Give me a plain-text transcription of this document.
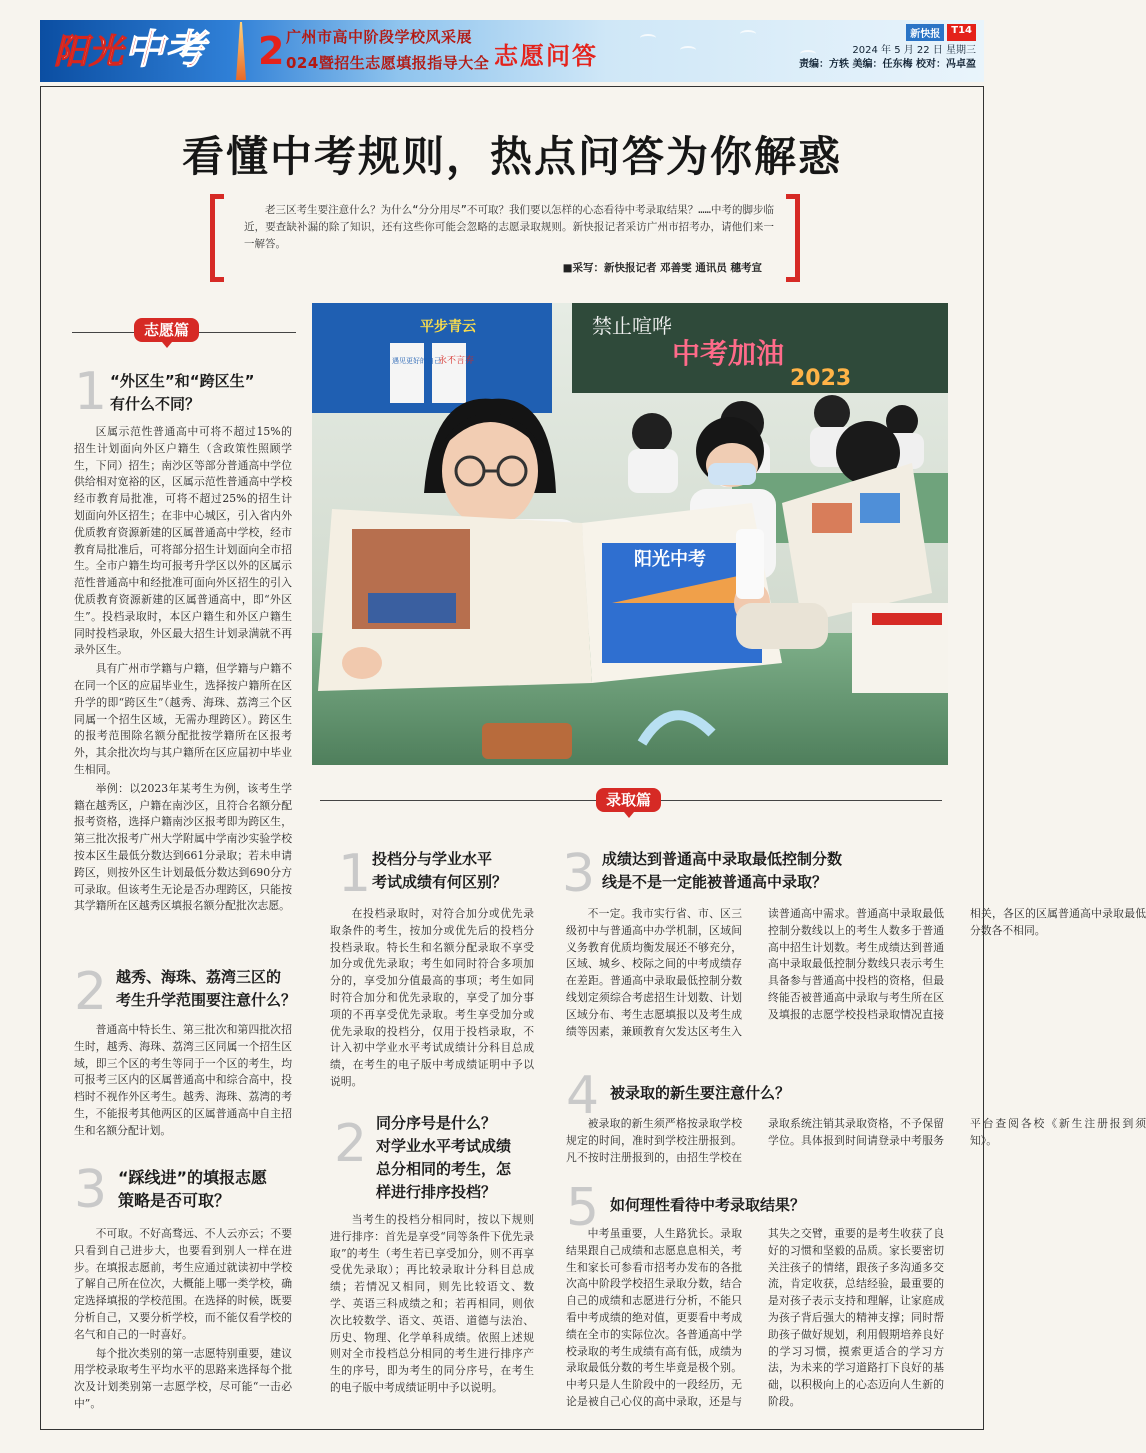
阳光中考 2 广州市高中阶段学校风采展
024暨招生志愿填报指导大全 志愿问答
新快报	T14
2024 年 5 月 22 日 星期三
责编：方轶 美编：任东梅 校对：冯卓盈
看懂中考规则，热点问答为你解惑
老三区考生要注意什么？为什么“分分用尽”不可取？我们要以怎样的心态看待中考录取结果？……中考的脚步临近，要查缺补漏的除了知识，还有这些你可能会忽略的志愿录取规则。新快报记者采访广州市招考办，请他们来一一解答。
■采写：新快报记者 邓善雯 通讯员 穗考宣
禁止喧哗
中考加油
2023
平步青云
永不言弃
遇见更好的自己
阳光中考
志愿篇
1 “外区生”和“跨区生”
有什么不同？

区属示范性普通高中可将不超过15%的招生计划面向外区户籍生（含政策性照顾学生，下同）招生；南沙区等部分普通高中学位供给相对宽裕的区，区属示范性普通高中学校经市教育局批准，可将不超过25%的招生计划面向外区招生；在非中心城区，引入省内外优质教育资源新建的区属普通高中学校，经市教育局批准后，可将部分招生计划面向全市招生。全市户籍生均可报考升学区以外的区属示范性普通高中和经批准可面向外区招生的引入优质教育资源新建的区属普通高中，即“外区生”。投档录取时，本区户籍生和外区户籍生同时投档录取，外区最大招生计划录满就不再录外区生。

具有广州市学籍与户籍，但学籍与户籍不在同一个区的应届毕业生，选择按户籍所在区升学的即“跨区生”（越秀、海珠、荔湾三个区同属一个招生区域，无需办理跨区）。跨区生的报考范围除名额分配批按学籍所在区报考外，其余批次均与其户籍所在区应届初中毕业生相同。

举例：以2023年某考生为例，该考生学籍在越秀区，户籍在南沙区，且符合名额分配报考资格，选择户籍南沙区报考即为跨区生，第三批次报考广州大学附属中学南沙实验学校按本区生最低分数达到661分录取；若未申请跨区，则按外区生计划最低分数达到690分方可录取。但该考生无论是否办理跨区，只能按其学籍所在区越秀区填报名额分配批次志愿。

2 越秀、海珠、荔湾三区的
考生升学范围要注意什么？

普通高中特长生、第三批次和第四批次招生时，越秀、海珠、荔湾三区同属一个招生区域，即三个区的考生等同于一个区的考生，均可报考三区内的区属普通高中和综合高中，投档时不视作外区考生。越秀、海珠、荔湾的考生，不能报考其他两区的区属普通高中自主招生和名额分配计划。

3 “踩线进”的填报志愿
策略是否可取？

不可取。不好高骛远、不人云亦云；不要只看到自己进步大，也要看到别人一样在进步。在填报志愿前，考生应通过就读初中学校了解自己所在位次，大概能上哪一类学校，确定选择填报的学校范围。在选择的时候，既要分析自己，又要分析学校，而不能仅看学校的名气和自己的一时喜好。

每个批次类别的第一志愿特别重要，建议用学校录取考生平均水平的思路来选择每个批次及计划类别第一志愿学校，尽可能“一击必中”。

录取篇
1 投档分与学业水平
考试成绩有何区别？

在投档录取时，对符合加分或优先录取条件的考生，按加分或优先后的投档分投档录取。特长生和名额分配录取不享受加分或优先录取；考生如同时符合多项加分的，享受加分值最高的事项；考生如同时符合加分和优先录取的，享受了加分事项的不再享受优先录取。考生享受加分或优先录取的投档分，仅用于投档录取，不计入初中学业水平考试成绩计分科目总成绩，在考生的电子版中考成绩证明中予以说明。

2 同分序号是什么？
对学业水平考试成绩
总分相同的考生，怎
样进行排序投档？

当考生的投档分相同时，按以下规则进行排序：首先是享受“同等条件下优先录取”的考生（考生若已享受加分，则不再享受优先录取）；再比较录取计分科目总成绩；若情况又相同，则先比较语文、数学、英语三科成绩之和；若再相同，则依次比较数学、语文、英语、道德与法治、历史、物理、化学单科成绩。依照上述规则对全市投档总分相同的考生进行排序产生的序号，即为考生的同分序号，在考生的电子版中考成绩证明中予以说明。

3 成绩达到普通高中录取最低控制分数
线是不是一定能被普通高中录取？

不一定。我市实行省、市、区三级初中与普通高中办学机制，区域间义务教育优质均衡发展还不够充分，区域、城乡、校际之间的中考成绩存在差距。普通高中录取最低控制分数线划定须综合考虑招生计划数、计划区域分布、考生志愿填报以及考生成绩等因素，兼顾教育欠发达区考生入读普通高中需求。普通高中录取最低控制分数线以上的考生人数多于普通高中招生计划数。考生成绩达到普通高中录取最低控制分数线只表示考生具备参与普通高中投档的资格，但最终能否被普通高中录取与考生所在区及填报的志愿学校投档录取情况直接相关，各区的区属普通高中录取最低分数各不相同。

4 被录取的新生要注意什么？

被录取的新生须严格按录取学校规定的时间，准时到学校注册报到。凡不按时注册报到的，由招生学校在录取系统注销其录取资格，不予保留学位。具体报到时间请登录中考服务平台查阅各校《新生注册报到须知》。

5 如何理性看待中考录取结果？

中考虽重要，人生路犹长。录取结果跟自己成绩和志愿息息相关，考生和家长可参看市招考办发布的各批次高中阶段学校招生录取分数，结合自己的成绩和志愿进行分析，不能只看中考成绩的绝对值，更要看中考成绩在全市的实际位次。各普通高中学校录取的考生成绩有高有低，成绩为录取最低分数的考生毕竟是极个别。中考只是人生阶段中的一段经历，无论是被自己心仪的高中录取，还是与其失之交臂，重要的是考生收获了良好的习惯和坚毅的品质。家长要密切关注孩子的情绪，跟孩子多沟通多交流，肯定收获，总结经验，最重要的是对孩子表示支持和理解，让家庭成为孩子背后强大的精神支撑；同时帮助孩子做好规划，利用假期培养良好的学习习惯，摸索更适合的学习方法，为未来的学习道路打下良好的基础，以积极向上的心态迈向人生新的阶段。
